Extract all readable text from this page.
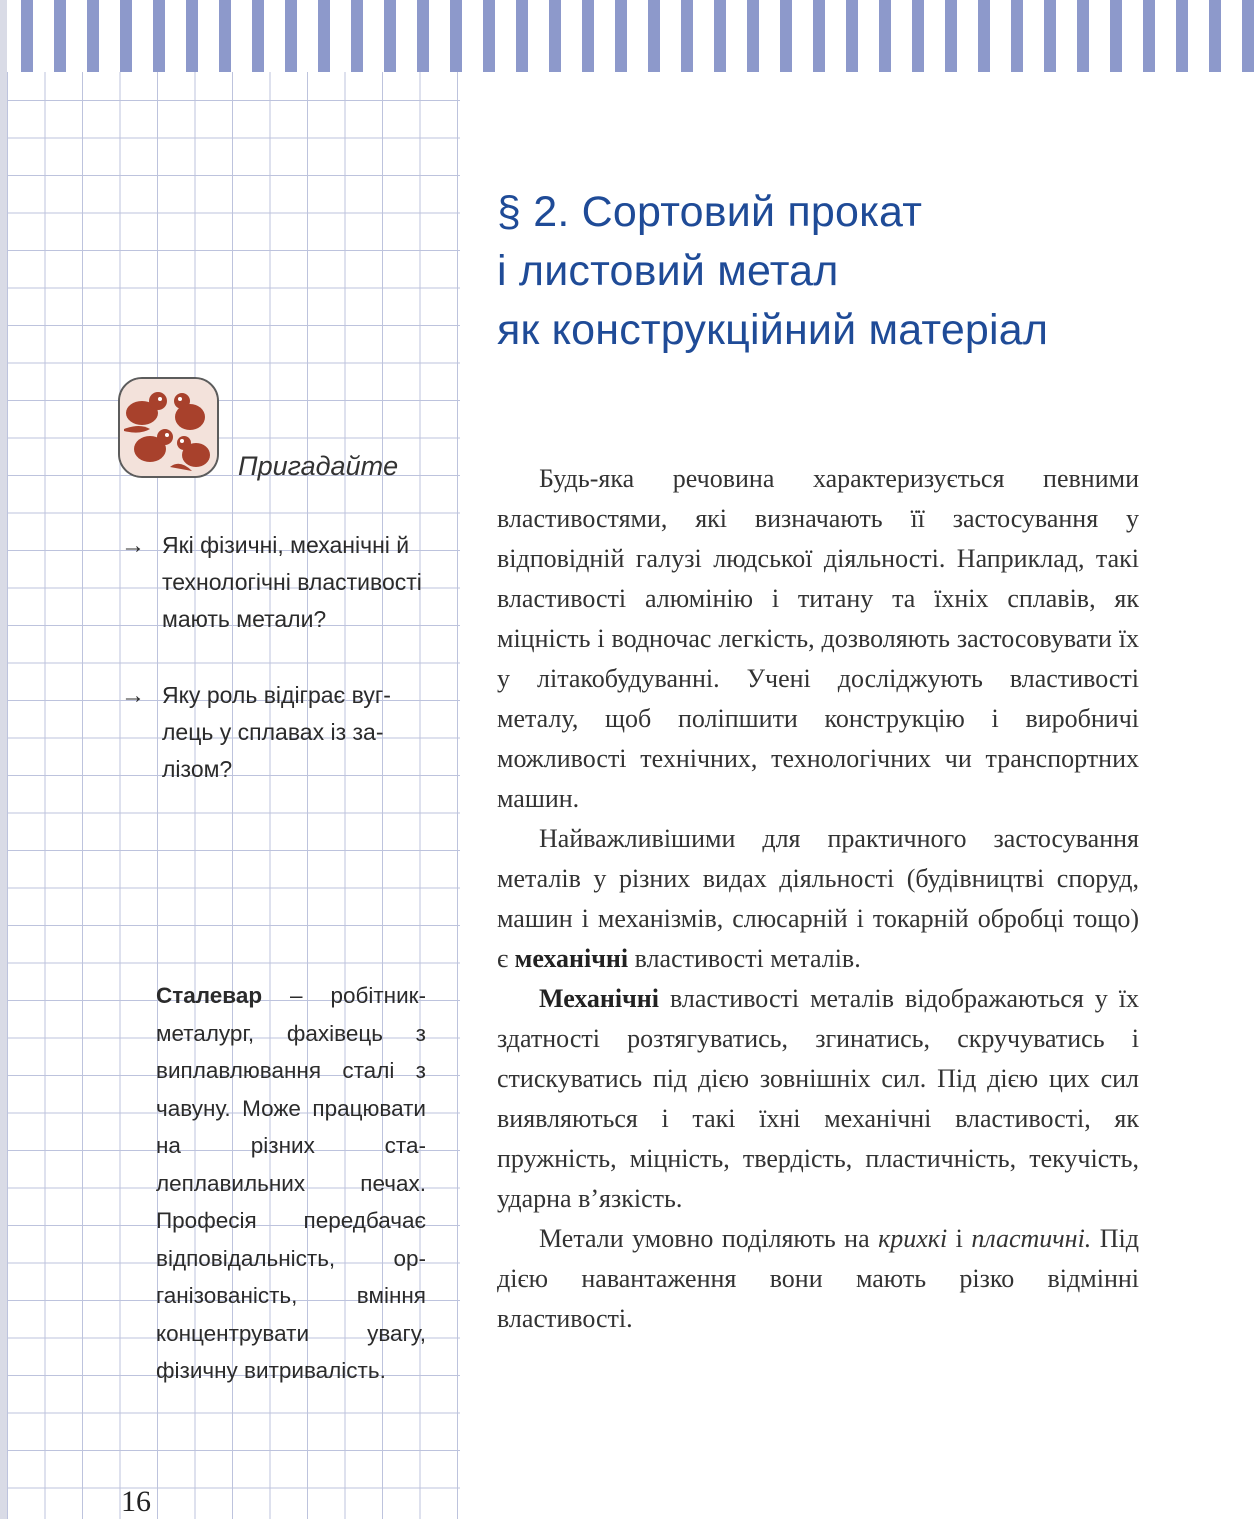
§ 2. Сортовий прокат
і листовий метал
як конструкційний матеріал
Пригадайте
→ Які фізичні, механічні й технологічні властивості мають метали?
→ Яку роль відіграє вуглець у сплавах із залізом?
Сталевар – робітник-металург, фахівець з виплавлювання сталі з чавуну. Може працювати на різних сталеплавильних печах. Професія передбачає відповідальність, організованість, вміння концентрувати увагу, фізичну витривалість.
16

Будь-яка речовина характеризується певними властивостями, які визначають її застосування у відповідній галузі людської діяльності. Наприклад, такі властивості алюмінію і титану та їхніх сплавів, як міцність і водночас легкість, дозволяють застосовувати їх у літакобудуванні. Учені досліджують властивості металу, щоб поліпшити конструкцію і виробничі можливості технічних, технологічних чи транспортних машин.

Найважливішими для практичного застосування металів у різних видах діяльності (будівництві споруд, машин і механізмів, слюсарній і токарній обробці тощо) є механічні властивості металів.

Механічні властивості металів відображаються у їх здатності розтягуватись, згинатись, скручуватись і стискуватись під дією зовнішніх сил. Під дією цих сил виявляються і такі їхні механічні властивості, як пружність, міцність, твердість, пластичність, текучість, ударна в’язкість.

Метали умовно поділяють на крихкі і пластичні. Під дією навантаження вони мають різко відмінні властивості.
